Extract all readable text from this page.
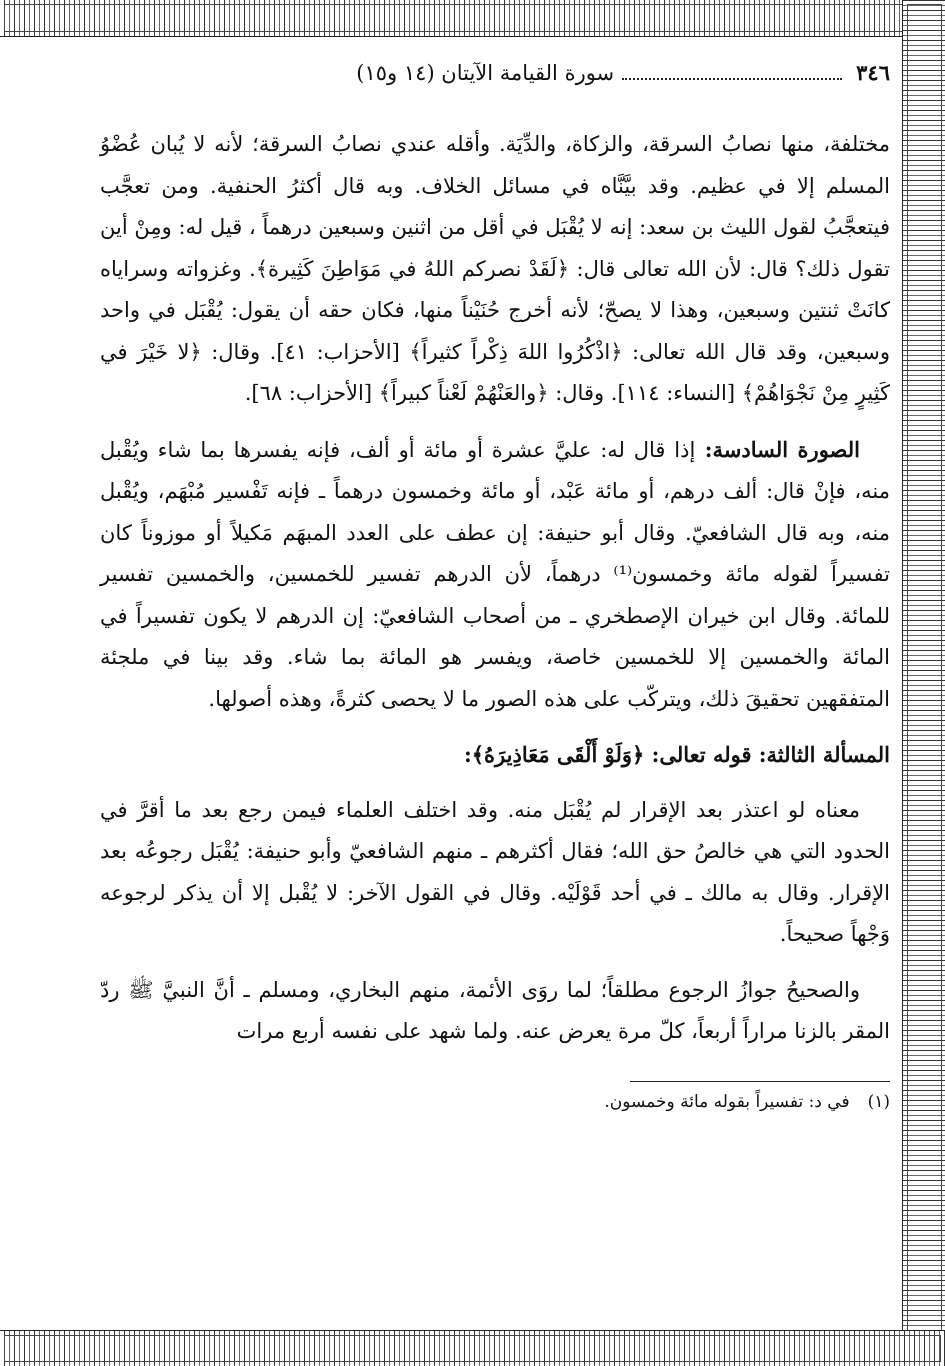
٣٤٦
سورة القيامة الآيتان (١٤ و١٥)

مختلفة، منها نصابُ السرقة، والزكاة، والدِّيَة. وأقله عندي نصابُ السرقة؛ لأنه لا يُبان عُضْوُ المسلم إلا في عظيم. وقد بيَّنَّاه في مسائل الخلاف. وبه قال أكثرُ الحنفية. ومن تعجَّب فيتعجَّبُ لقول الليث بن سعد: إنه لا يُقْبَل في أقل من اثنين وسبعين درهماً ، قيل له: ومِنْ أين تقول ذلك؟ قال: لأن الله تعالى قال: ﴿لَقَدْ نصركم اللهُ في مَوَاطِنَ كَثِيرة﴾. وغزواته وسراياه كانَتْ ثنتين وسبعين، وهذا لا يصحّ؛ لأنه أخرج حُنَيْناً منها، فكان حقه أن يقول: يُقْبَل في واحد وسبعين، وقد قال الله تعالى: ﴿اذْكُرُوا اللهَ ذِكْراً كثيراً﴾ [الأحزاب: ٤١]. وقال: ﴿لا خَيْرَ في كَثِيرٍ مِنْ نَجْوَاهُمْ﴾ [النساء: ١١٤]. وقال: ﴿والعَنْهُمْ لَعْناً كبيراً﴾ [الأحزاب: ٦٨].

الصورة السادسة: إذا قال له: عليَّ عشرة أو مائة أو ألف، فإنه يفسرها بما شاء ويُقْبل منه، فإنْ قال: ألف درهم، أو مائة عَبْد، أو مائة وخمسون درهماً ـ فإنه تَفْسير مُبْهَم، ويُقْبل منه، وبه قال الشافعيّ. وقال أبو حنيفة: إن عطف على العدد المبهَم مَكيلاً أو موزوناً كان تفسيراً لقوله مائة وخمسون⁽¹⁾ درهماً، لأن الدرهم تفسير للخمسين، والخمسين تفسير للمائة. وقال ابن خيران الإصطخري ـ من أصحاب الشافعيّ: إن الدرهم لا يكون تفسيراً في المائة والخمسين إلا للخمسين خاصة، ويفسر هو المائة بما شاء. وقد بينا في ملجئة المتفقهين تحقيقَ ذلك، ويتركّب على هذه الصور ما لا يحصى كثرةً، وهذه أصولها.

المسألة الثالثة: قوله تعالى: ﴿وَلَوْ أَلْقَى مَعَاذِيرَهُ﴾:

معناه لو اعتذر بعد الإقرار لم يُقْبَل منه. وقد اختلف العلماء فيمن رجع بعد ما أقرَّ في الحدود التي هي خالصُ حق الله؛ فقال أكثرهم ـ منهم الشافعيّ وأبو حنيفة: يُقْبَل رجوعُه بعد الإقرار. وقال به مالك ـ في أحد قَوْلَيْه. وقال في القول الآخر: لا يُقْبل إلا أن يذكر لرجوعه وَجْهاً صحيحاً.

والصحيحُ جوازُ الرجوع مطلقاً؛ لما روَى الأئمة، منهم البخاري، ومسلم ـ أنَّ النبيَّ ﷺ ردّ المقر بالزنا مراراً أربعاً، كلّ مرة يعرض عنه. ولما شهد على نفسه أربع مرات

(١)
في د: تفسيراً بقوله مائة وخمسون.
